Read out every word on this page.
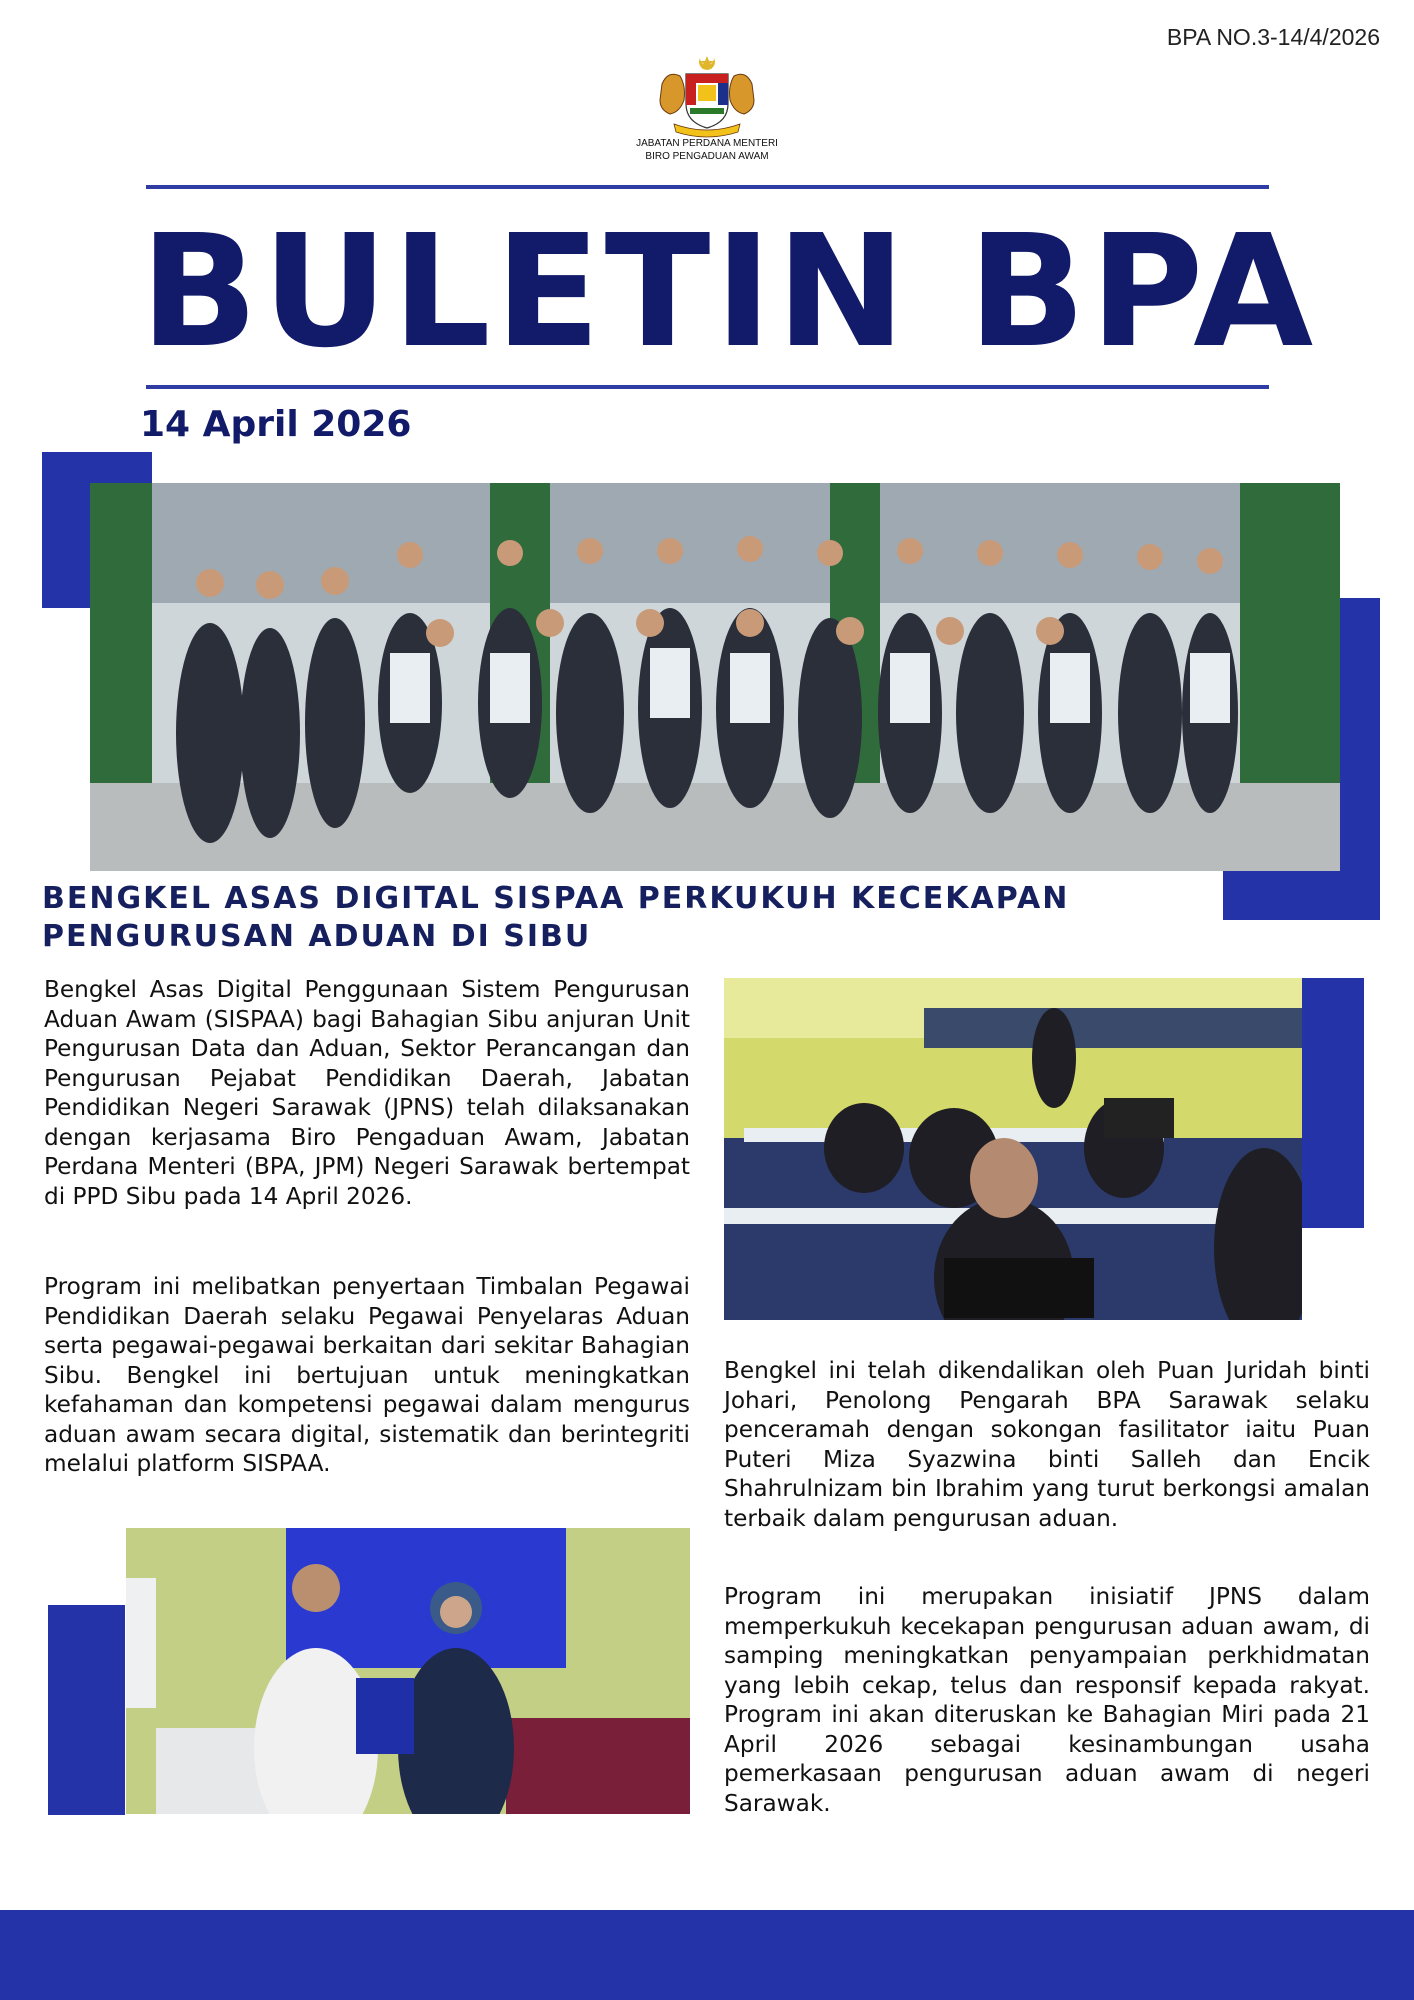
BPA NO.3-14/4/2026
JABATAN PERDANA MENTERI
BIRO PENGADUAN AWAM
BULETIN BPA
14 April 2026
BENGKEL ASAS DIGITAL SISPAA PERKUKUH KECEKAPAN
PENGURUSAN ADUAN DI SIBU
Bengkel Asas Digital Penggunaan Sistem Pengurusan Aduan Awam (SISPAA) bagi Bahagian Sibu anjuran Unit Pengurusan Data dan Aduan, Sektor Perancangan dan Pengurusan Pejabat Pendidikan Daerah, Jabatan Pendidikan Negeri Sarawak (JPNS) telah dilaksanakan dengan kerjasama Biro Pengaduan Awam, Jabatan Perdana Menteri (BPA, JPM) Negeri Sarawak bertempat di PPD Sibu pada 14 April 2026.
Program ini melibatkan penyertaan Timbalan Pegawai Pendidikan Daerah selaku Pegawai Penyelaras Aduan serta pegawai-pegawai berkaitan dari sekitar Bahagian Sibu. Bengkel ini bertujuan untuk meningkatkan kefahaman dan kompetensi pegawai dalam mengurus aduan awam secara digital, sistematik dan berintegriti melalui platform SISPAA.
Bengkel ini telah dikendalikan oleh Puan Juridah binti Johari, Penolong Pengarah BPA Sarawak selaku penceramah dengan sokongan fasilitator iaitu Puan Puteri Miza Syazwina binti Salleh dan Encik Shahrulnizam bin Ibrahim yang turut berkongsi amalan terbaik dalam pengurusan aduan.
Program ini merupakan inisiatif JPNS dalam memperkukuh kecekapan pengurusan aduan awam, di samping meningkatkan penyampaian perkhidmatan yang lebih cekap, telus dan responsif kepada rakyat. Program ini akan diteruskan ke Bahagian Miri pada 21 April 2026 sebagai kesinambungan usaha pemerkasaan pengurusan aduan awam di negeri Sarawak.
